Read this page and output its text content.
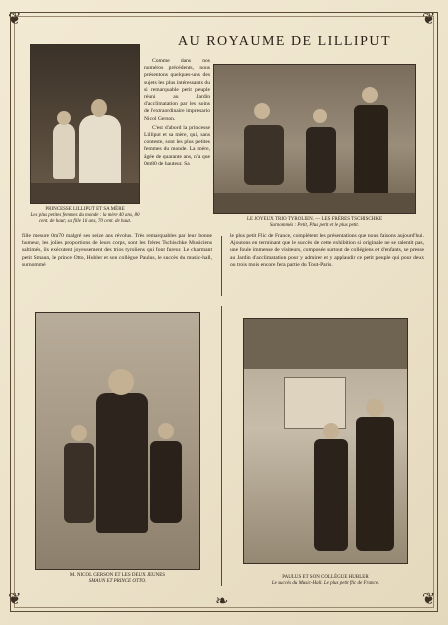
❦	❦
❦	❦
❧
AU ROYAUME DE LILLIPUT
PRINCESSE LILLIPUT ET SA MÈRE
Les plus petites femmes du monde : la mère 40 ans, 80 cent. de haut; sa fille 16 ans, 70 cent. de haut.

Comme dans nos numéros précédents, nous présentons quelques-uns des sujets les plus intéressants du si remarquable petit peuple réuni au Jardin d'acclimatation par les soins de l'extraordinaire impresario Nicol Gerson.

C'est d'abord la princesse Lilliput et sa mère, qui, sans conteste, sont les plus petites femmes du monde. La mère, âgée de quarante ans, n'a que 0m80 de hauteur. Sa

LE JOYEUX TRIO TYROLIEN. — LES FRÈRES TSCHISCHKE
Surnommés : Petit, Plus petit et le plus petit.

fille mesure 0m70 malgré ses seize ans révolus. Très remarquables par leur bonne humeur, les jolies proportions de leurs corps, sont les frères Tschischke Musiciens saltimés, ils exécutent joyeusement des trios tyroliens qui font fureur. Le charmant petit Smaun, le prince Otto, Hubler et son collègue Paulus, le succès du music-hall, surnommé

le plus petit Flic de France, complètent les présentations que nous faisons aujourd'hui. Ajoutons en terminant que le succès de cette exhibition si originale ne se ralentit pas, une foule immense de visiteurs, composée surtout de collégiens et d'enfants, se presse au Jardin d'acclimatation pour y admirer et y applaudir ce petit peuple qui pour deux ou trois mois encore fera partie du Tout-Paris.

M. NICOL GERSON ET LES DEUX JEUNES
SMAUN ET PRINCE OTTO.
PAULUS ET SON COLLÈGUE HUBLER
Le succès du Music-Hall. Le plus petit flic de France.
